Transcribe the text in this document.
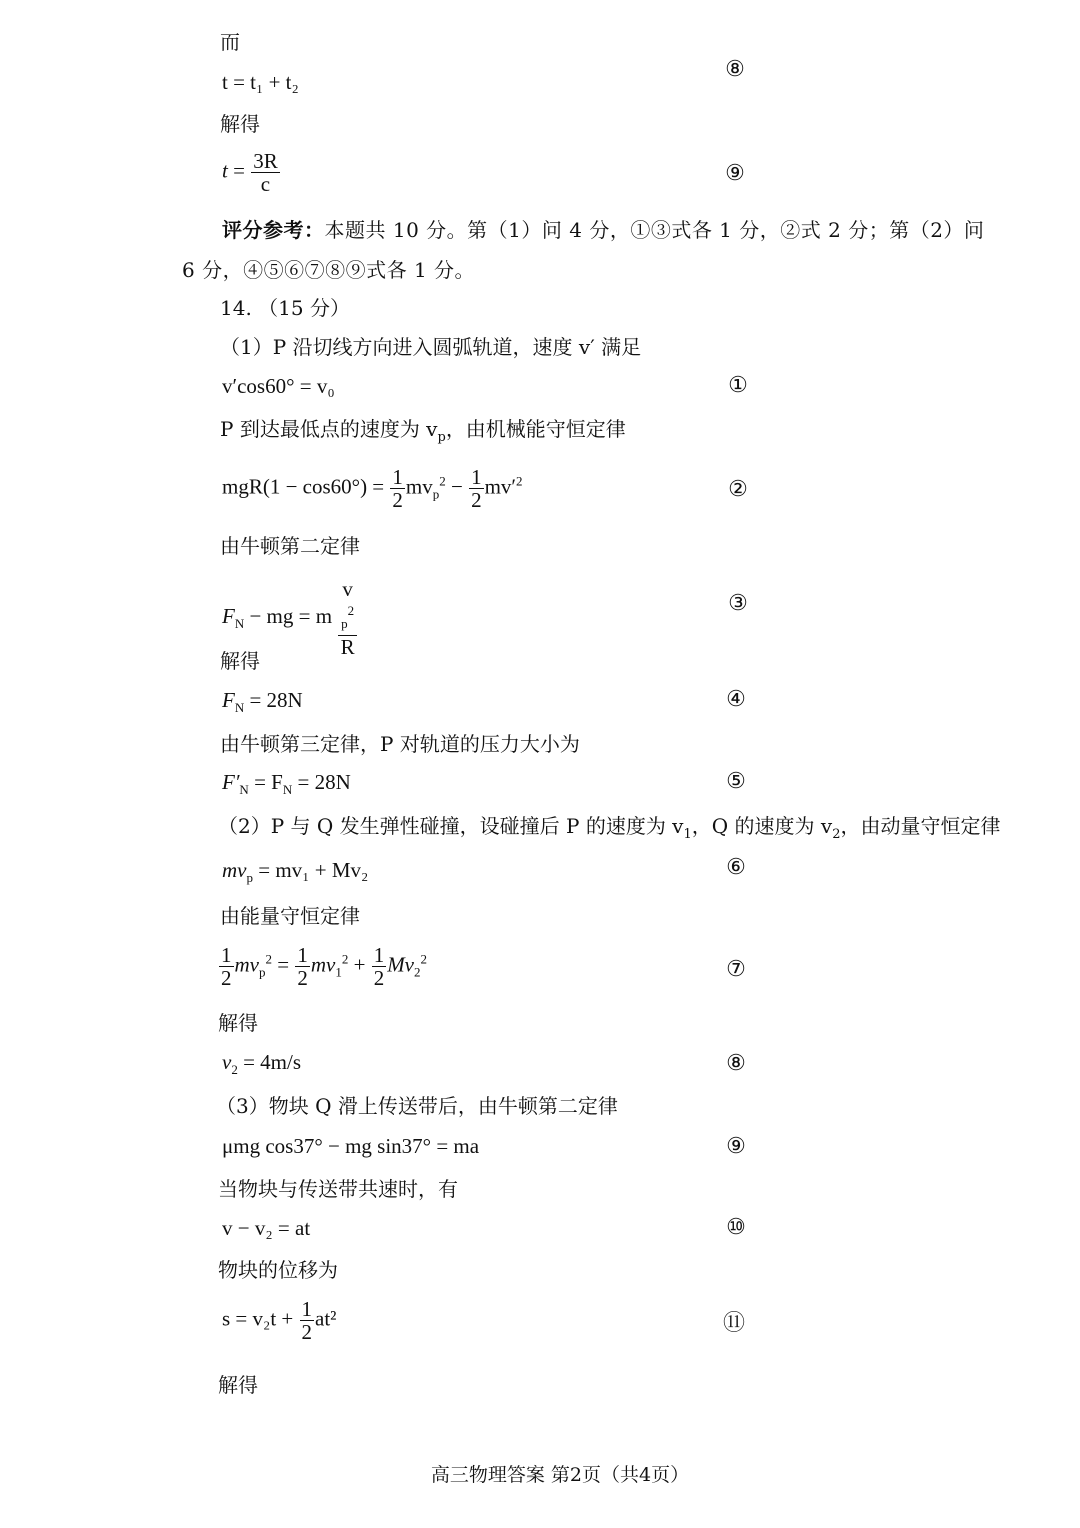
而
t = t₁ + t₂	⑧
解得
$t = \frac{3R}{c}$	⑨
评分参考：本题共 10 分。第（1）问 4 分，①③式各 1 分，②式 2 分；第（2）问
6 分，④⑤⑥⑦⑧⑨式各 1 分。
14. （15 分）
（1）P 沿切线方向进入圆弧轨道，速度 v′ 满足
v′cos60° = v₀	①
P 到达最低点的速度为 $v_p$，由机械能守恒定律
$mgR(1 - \cos 60^\circ) = \frac{1}{2} mv_p^2 - \frac{1}{2} mv'^2$	②
由牛顿第二定律
$F_N$ − mg = m v
$_p^2$
R	③
解得
$F_N = 28N$	④
由牛顿第三定律，P 对轨道的压力大小为
$F'_N = F_N = 28N$	⑤
（2）P 与 Q 发生弹性碰撞，设碰撞后 P 的速度为 $v_1$，Q 的速度为 $v_2$，由动量守恒定律
$mv_p = mv_1 + Mv_2$	⑥
由能量守恒定律
$\frac{1}{2} mv_p^2 = \frac{1}{2} mv_1^2 + \frac{1}{2} Mv_2^2$	⑦
解得
$v_2 = 4m/s$	⑧
（3）物块 Q 滑上传送带后，由牛顿第二定律
μmg cos37° − mg sin37° = ma	⑨
当物块与传送带共速时，有
v − v₂ = at	⑩
物块的位移为
$s = v_2t + \frac{1}{2} at^2$	⑪
解得
高三物理答案 第2页（共4页）
